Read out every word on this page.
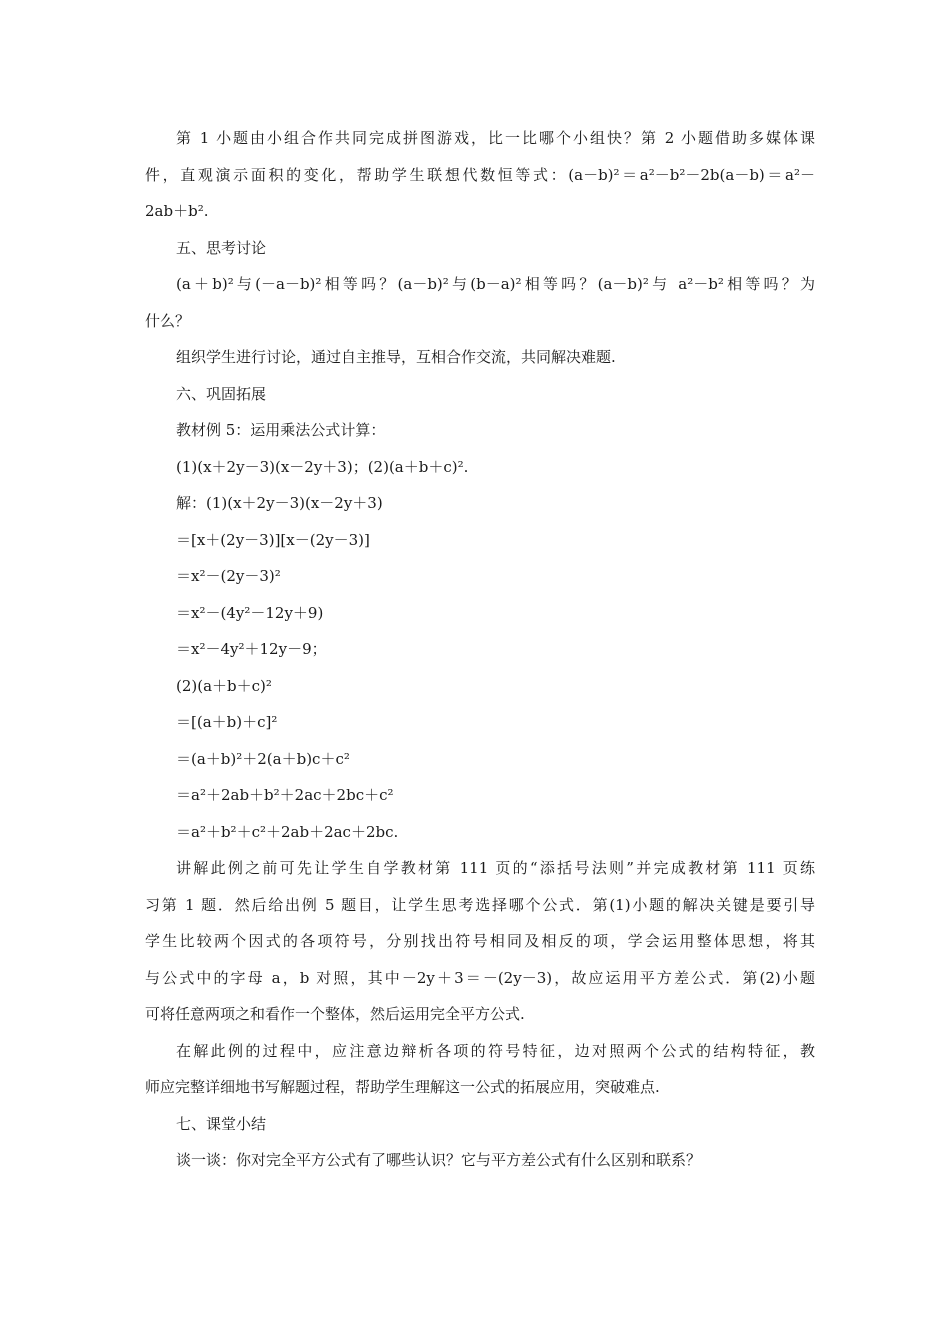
第 1 小题由小组合作共同完成拼图游戏，比一比哪个小组快？第 2 小题借助多媒体课

件，直观演示面积的变化，帮助学生联想代数恒等式：(a－b)²＝a²－b²－2b(a－b)＝a²－

2ab＋b².

五、思考讨论

(a＋b)²与(－a－b)²相等吗？(a－b)²与(b－a)²相等吗？(a－b)²与 a²－b²相等吗？为

什么？

组织学生进行讨论，通过自主推导，互相合作交流，共同解决难题.

六、巩固拓展

教材例 5：运用乘法公式计算：

(1)(x＋2y－3)(x－2y＋3)；(2)(a＋b＋c)².

解：(1)(x＋2y－3)(x－2y＋3)

＝[x＋(2y－3)][x－(2y－3)]

＝x²－(2y－3)²

＝x²－(4y²－12y＋9)

＝x²－4y²＋12y－9；

(2)(a＋b＋c)²

＝[(a＋b)＋c]²

＝(a＋b)²＋2(a＋b)c＋c²

＝a²＋2ab＋b²＋2ac＋2bc＋c²

＝a²＋b²＋c²＋2ab＋2ac＋2bc.

讲解此例之前可先让学生自学教材第 111 页的“添括号法则”并完成教材第 111 页练

习第 1 题．然后给出例 5 题目，让学生思考选择哪个公式．第(1)小题的解决关键是要引导

学生比较两个因式的各项符号，分别找出符号相同及相反的项，学会运用整体思想，将其

与公式中的字母 a，b 对照，其中－2y＋3＝－(2y－3)，故应运用平方差公式．第(2)小题

可将任意两项之和看作一个整体，然后运用完全平方公式.

在解此例的过程中，应注意边辩析各项的符号特征，边对照两个公式的结构特征，教

师应完整详细地书写解题过程，帮助学生理解这一公式的拓展应用，突破难点.

七、课堂小结

谈一谈：你对完全平方公式有了哪些认识？它与平方差公式有什么区别和联系？
